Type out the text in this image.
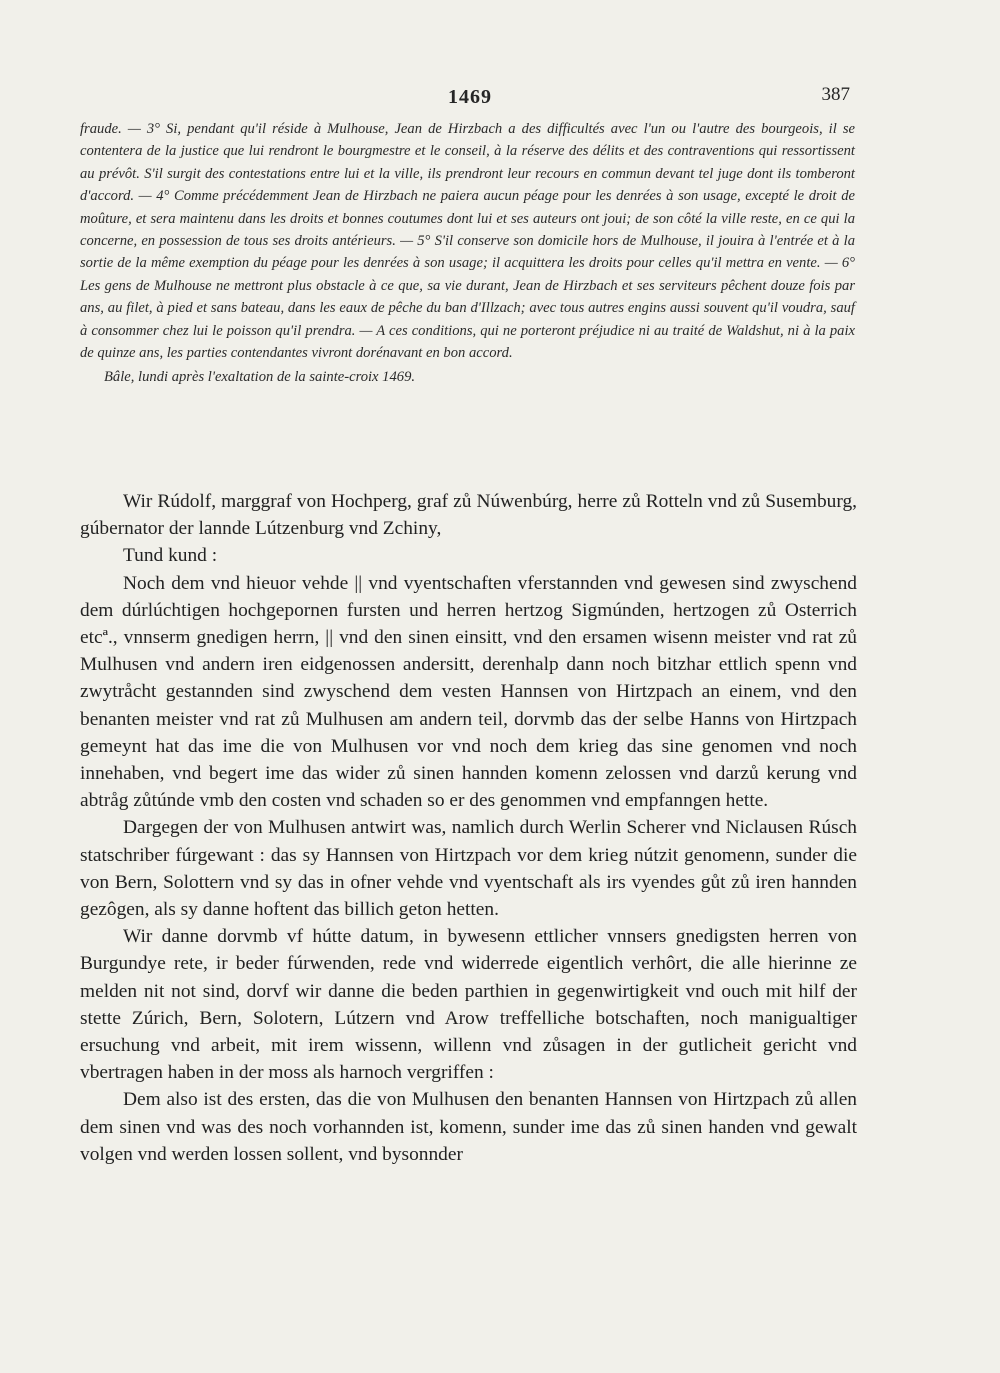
1469	387

fraude. — 3° Si, pendant qu'il réside à Mulhouse, Jean de Hirzbach a des difficultés avec l'un ou l'autre des bourgeois, il se contentera de la justice que lui rendront le bourgmestre et le conseil, à la réserve des délits et des contraventions qui ressortissent au prévôt. S'il surgit des contestations entre lui et la ville, ils prendront leur recours en commun devant tel juge dont ils tomberont d'accord. — 4° Comme précédemment Jean de Hirzbach ne paiera aucun péage pour les denrées à son usage, excepté le droit de moûture, et sera maintenu dans les droits et bonnes coutumes dont lui et ses auteurs ont joui; de son côté la ville reste, en ce qui la concerne, en possession de tous ses droits antérieurs. — 5° S'il conserve son domicile hors de Mulhouse, il jouira à l'entrée et à la sortie de la même exemption du péage pour les denrées à son usage; il acquittera les droits pour celles qu'il mettra en vente. — 6° Les gens de Mulhouse ne mettront plus obstacle à ce que, sa vie durant, Jean de Hirzbach et ses serviteurs pêchent douze fois par ans, au filet, à pied et sans bateau, dans les eaux de pêche du ban d'Illzach; avec tous autres engins aussi souvent qu'il voudra, sauf à consommer chez lui le poisson qu'il prendra. — A ces conditions, qui ne porteront préjudice ni au traité de Waldshut, ni à la paix de quinze ans, les parties contendantes vivront dorénavant en bon accord.

Bâle, lundi après l'exaltation de la sainte-croix 1469.

Wir Rúdolf, marggraf von Hochperg, graf zů Núwenbúrg, herre zů Rotteln vnd zů Susemburg, gúbernator der lannde Lútzenburg vnd Zchiny,

Tund kund :

Noch dem vnd hieuor vehde || vnd vyentschaften vferstannden vnd gewesen sind zwyschend dem dúrlúchtigen hochgepornen fursten und herren hertzog Sigmúnden, hertzogen zů Osterrich etcª., vnnserm gnedigen herrn, || vnd den sinen einsitt, vnd den ersamen wisenn meister vnd rat zů Mulhusen vnd andern iren eidgenossen andersitt, derenhalp dann noch bitzhar ettlich spenn vnd zwytråcht gestannden sind zwyschend dem vesten Hannsen von Hirtzpach an einem, vnd den benanten meister vnd rat zů Mulhusen am andern teil, dorvmb das der selbe Hanns von Hirtzpach gemeynt hat das ime die von Mulhusen vor vnd noch dem krieg das sine genomen vnd noch innehaben, vnd begert ime das wider zů sinen hannden komenn zelossen vnd darzů kerung vnd abtråg zůtúnde vmb den costen vnd schaden so er des genommen vnd empfanngen hette.

Dargegen der von Mulhusen antwirt was, namlich durch Werlin Scherer vnd Niclausen Rúsch statschriber fúrgewant : das sy Hannsen von Hirtzpach vor dem krieg nútzit genomenn, sunder die von Bern, Solottern vnd sy das in ofner vehde vnd vyentschaft als irs vyendes gůt zů iren hannden gezôgen, als sy danne hoftent das billich geton hetten.

Wir danne dorvmb vf hútte datum, in bywesenn ettlicher vnnsers gnedigsten herren von Burgundye rete, ir beder fúrwenden, rede vnd widerrede eigentlich verhôrt, die alle hierinne ze melden nit not sind, dorvf wir danne die beden parthien in gegenwirtigkeit vnd ouch mit hilf der stette Zúrich, Bern, Solotern, Lútzern vnd Arow treffelliche botschaften, noch manigualtiger ersuchung vnd arbeit, mit irem wissenn, willenn vnd zůsagen in der gutlicheit gericht vnd vbertragen haben in der moss als harnoch vergriffen :

Dem also ist des ersten, das die von Mulhusen den benanten Hannsen von Hirtzpach zů allen dem sinen vnd was des noch vorhannden ist, komenn, sunder ime das zů sinen handen vnd gewalt volgen vnd werden lossen sollent, vnd bysonnder
